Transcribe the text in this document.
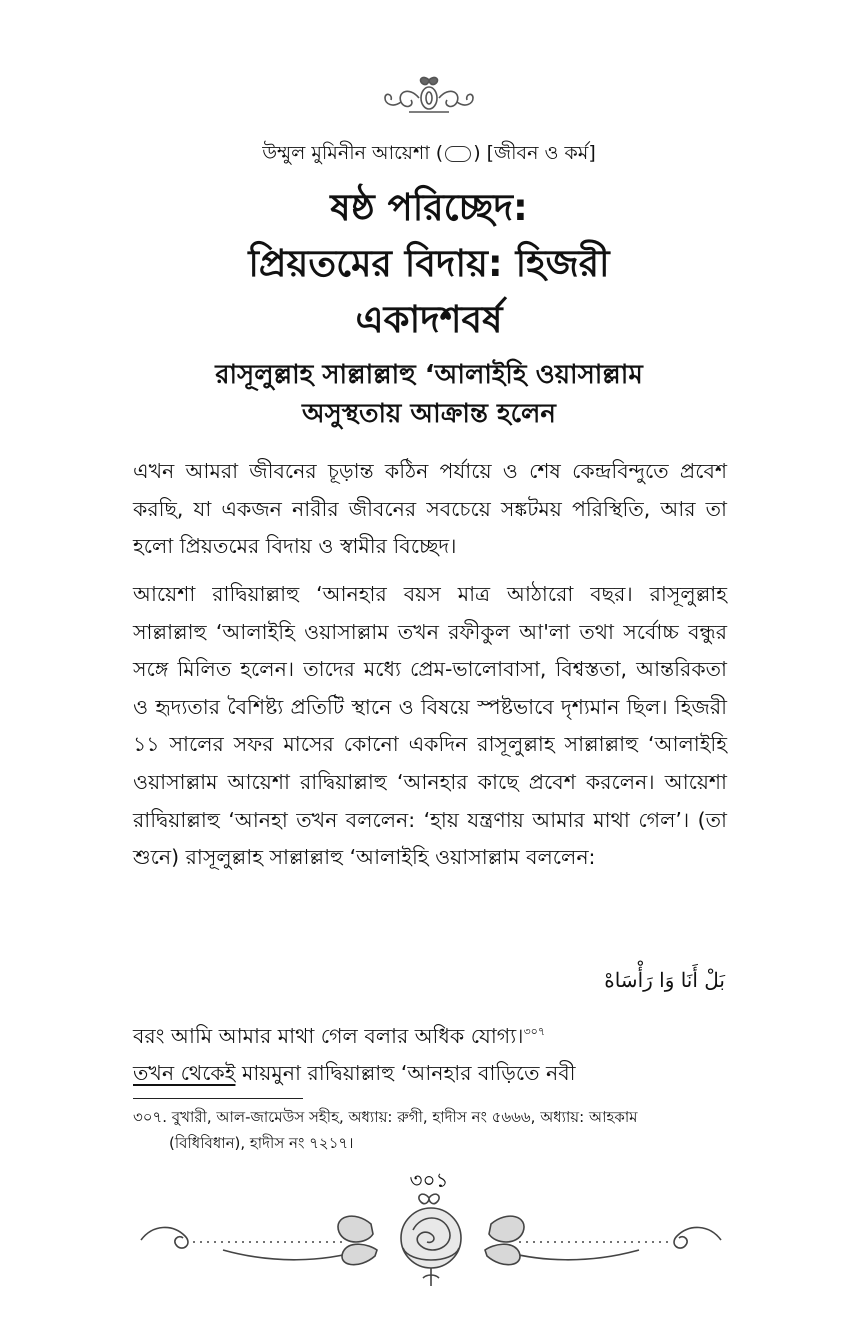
উম্মুল মুমিনীন আয়েশা ( ) [জীবন ও কর্ম]
ষষ্ঠ পরিচ্ছেদ:
প্রিয়তমের বিদায়: হিজরী
একাদশবর্ষ
রাসূলুল্লাহ সাল্লাল্লাহু ‘আলাইহি ওয়াসাল্লাম
অসুস্থতায় আক্রান্ত হলেন
এখন আমরা জীবনের চূড়ান্ত কঠিন পর্যায়ে ও শেষ কেন্দ্রবিন্দুতে প্রবেশ করছি, যা একজন নারীর জীবনের সবচেয়ে সঙ্কটময় পরিস্থিতি, আর তা হলো প্রিয়তমের বিদায় ও স্বামীর বিচ্ছেদ।
আয়েশা রাদ্বিয়াল্লাহু ‘আনহার বয়স মাত্র আঠারো বছর। রাসূলুল্লাহ সাল্লাল্লাহু ‘আলাইহি ওয়াসাল্লাম তখন রফীকুল আ'লা তথা সর্বোচ্চ বন্ধুর সঙ্গে মিলিত হলেন। তাদের মধ্যে প্রেম-ভালোবাসা, বিশ্বস্ততা, আন্তরিকতা ও হৃদ্যতার বৈশিষ্ট্য প্রতিটি স্থানে ও বিষয়ে স্পষ্টভাবে দৃশ্যমান ছিল। হিজরী ১১ সালের সফর মাসের কোনো একদিন রাসূলুল্লাহ সাল্লাল্লাহু ‘আলাইহি ওয়াসাল্লাম আয়েশা রাদ্বিয়াল্লাহু ‘আনহার কাছে প্রবেশ করলেন। আয়েশা রাদ্বিয়াল্লাহু ‘আনহা তখন বললেন: ‘হায় যন্ত্রণায় আমার মাথা গেল’। (তা শুনে) রাসূলুল্লাহ সাল্লাল্লাহু ‘আলাইহি ওয়াসাল্লাম বললেন:
بَلْ أَنَا وَا رَأْسَاهْ
বরং আমি আমার মাথা গেল বলার অধিক যোগ্য।$^{৩০৭}$
তখন থেকেই মায়মুনা রাদ্বিয়াল্লাহু ‘আনহার বাড়িতে নবী
৩০৭. বুখারী, আল-জামেউস সহীহ, অধ্যায়: রুগী, হাদীস নং ৫৬৬৬, অধ্যায়: আহকাম
(বিধিবিধান), হাদীস নং ৭২১৭।
৩০১
